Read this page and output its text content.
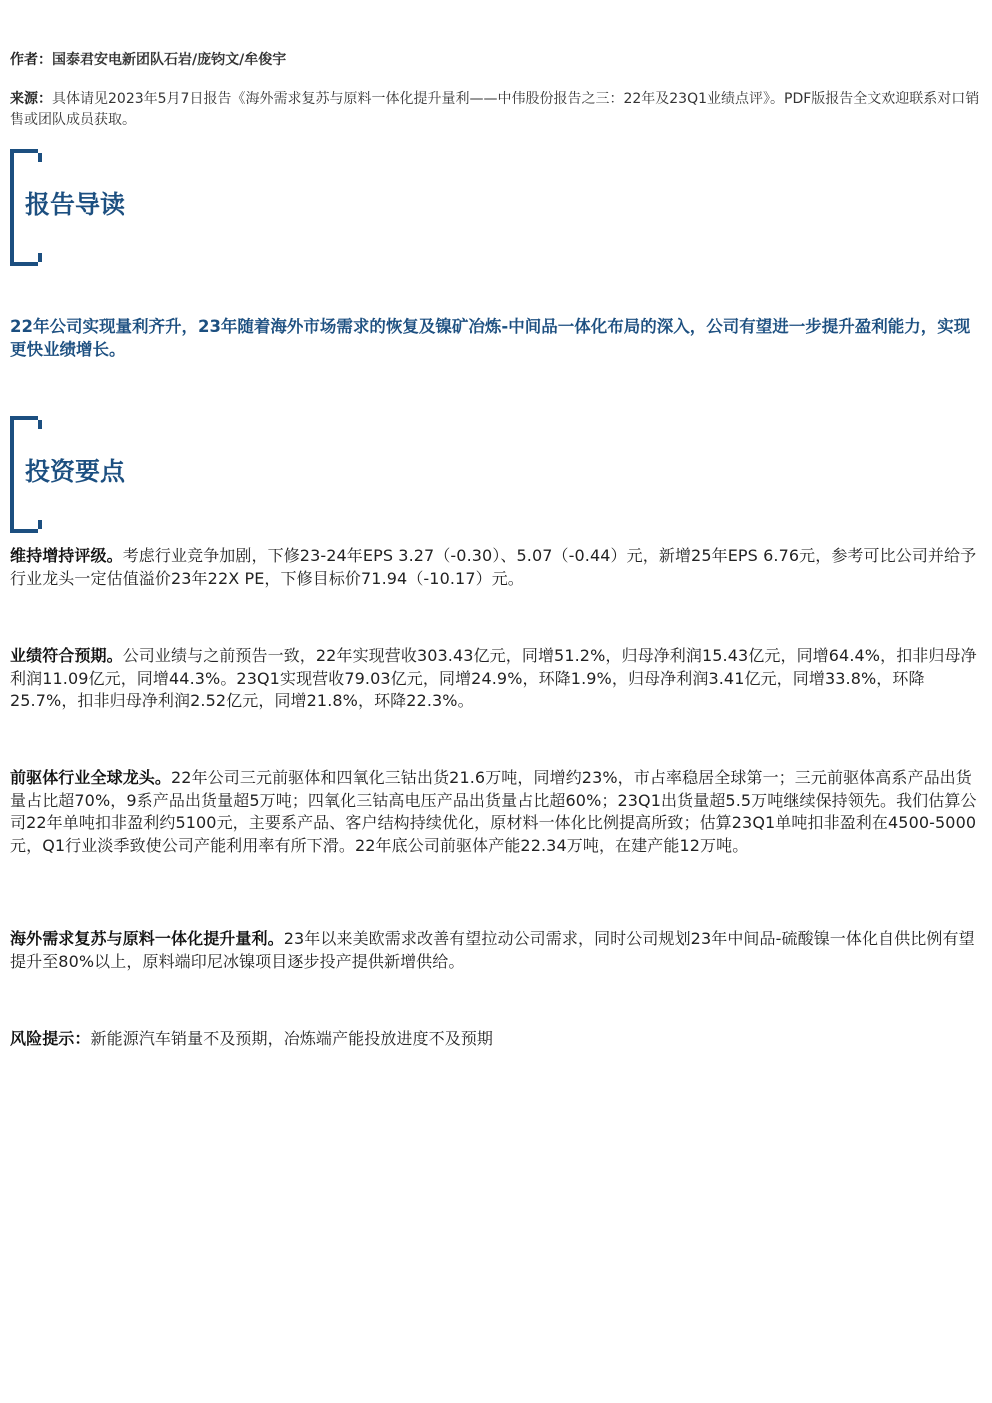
作者：国泰君安电新团队石岩/庞钧文/牟俊宇
来源：具体请见2023年5月7日报告《海外需求复苏与原料一体化提升量利——中伟股份报告之三：22年及23Q1业绩点评》。PDF版报告全文欢迎联系对口销售或团队成员获取。
报告导读
22年公司实现量利齐升，23年随着海外市场需求的恢复及镍矿冶炼-中间品一体化布局的深入，公司有望进一步提升盈利能力，实现更快业绩增长。
投资要点
维持增持评级。考虑行业竞争加剧，下修23-24年EPS 3.27（-0.30）、5.07（-0.44）元，新增25年EPS 6.76元，参考可比公司并给予行业龙头一定估值溢价23年22X PE，下修目标价71.94（-10.17）元。
业绩符合预期。公司业绩与之前预告一致，22年实现营收303.43亿元，同增51.2%，归母净利润15.43亿元，同增64.4%，扣非归母净利润11.09亿元，同增44.3%。23Q1实现营收79.03亿元，同增24.9%，环降1.9%，归母净利润3.41亿元，同增33.8%，环降25.7%，扣非归母净利润2.52亿元，同增21.8%，环降22.3%。
前驱体行业全球龙头。22年公司三元前驱体和四氧化三钴出货21.6万吨，同增约23%，市占率稳居全球第一；三元前驱体高系产品出货量占比超70%，9系产品出货量超5万吨；四氧化三钴高电压产品出货量占比超60%；23Q1出货量超5.5万吨继续保持领先。我们估算公司22年单吨扣非盈利约5100元，主要系产品、客户结构持续优化，原材料一体化比例提高所致；估算23Q1单吨扣非盈利在4500-5000元，Q1行业淡季致使公司产能利用率有所下滑。22年底公司前驱体产能22.34万吨，在建产能12万吨。
海外需求复苏与原料一体化提升量利。23年以来美欧需求改善有望拉动公司需求，同时公司规划23年中间品-硫酸镍一体化自供比例有望提升至80%以上，原料端印尼冰镍项目逐步投产提供新增供给。
风险提示：新能源汽车销量不及预期，冶炼端产能投放进度不及预期
